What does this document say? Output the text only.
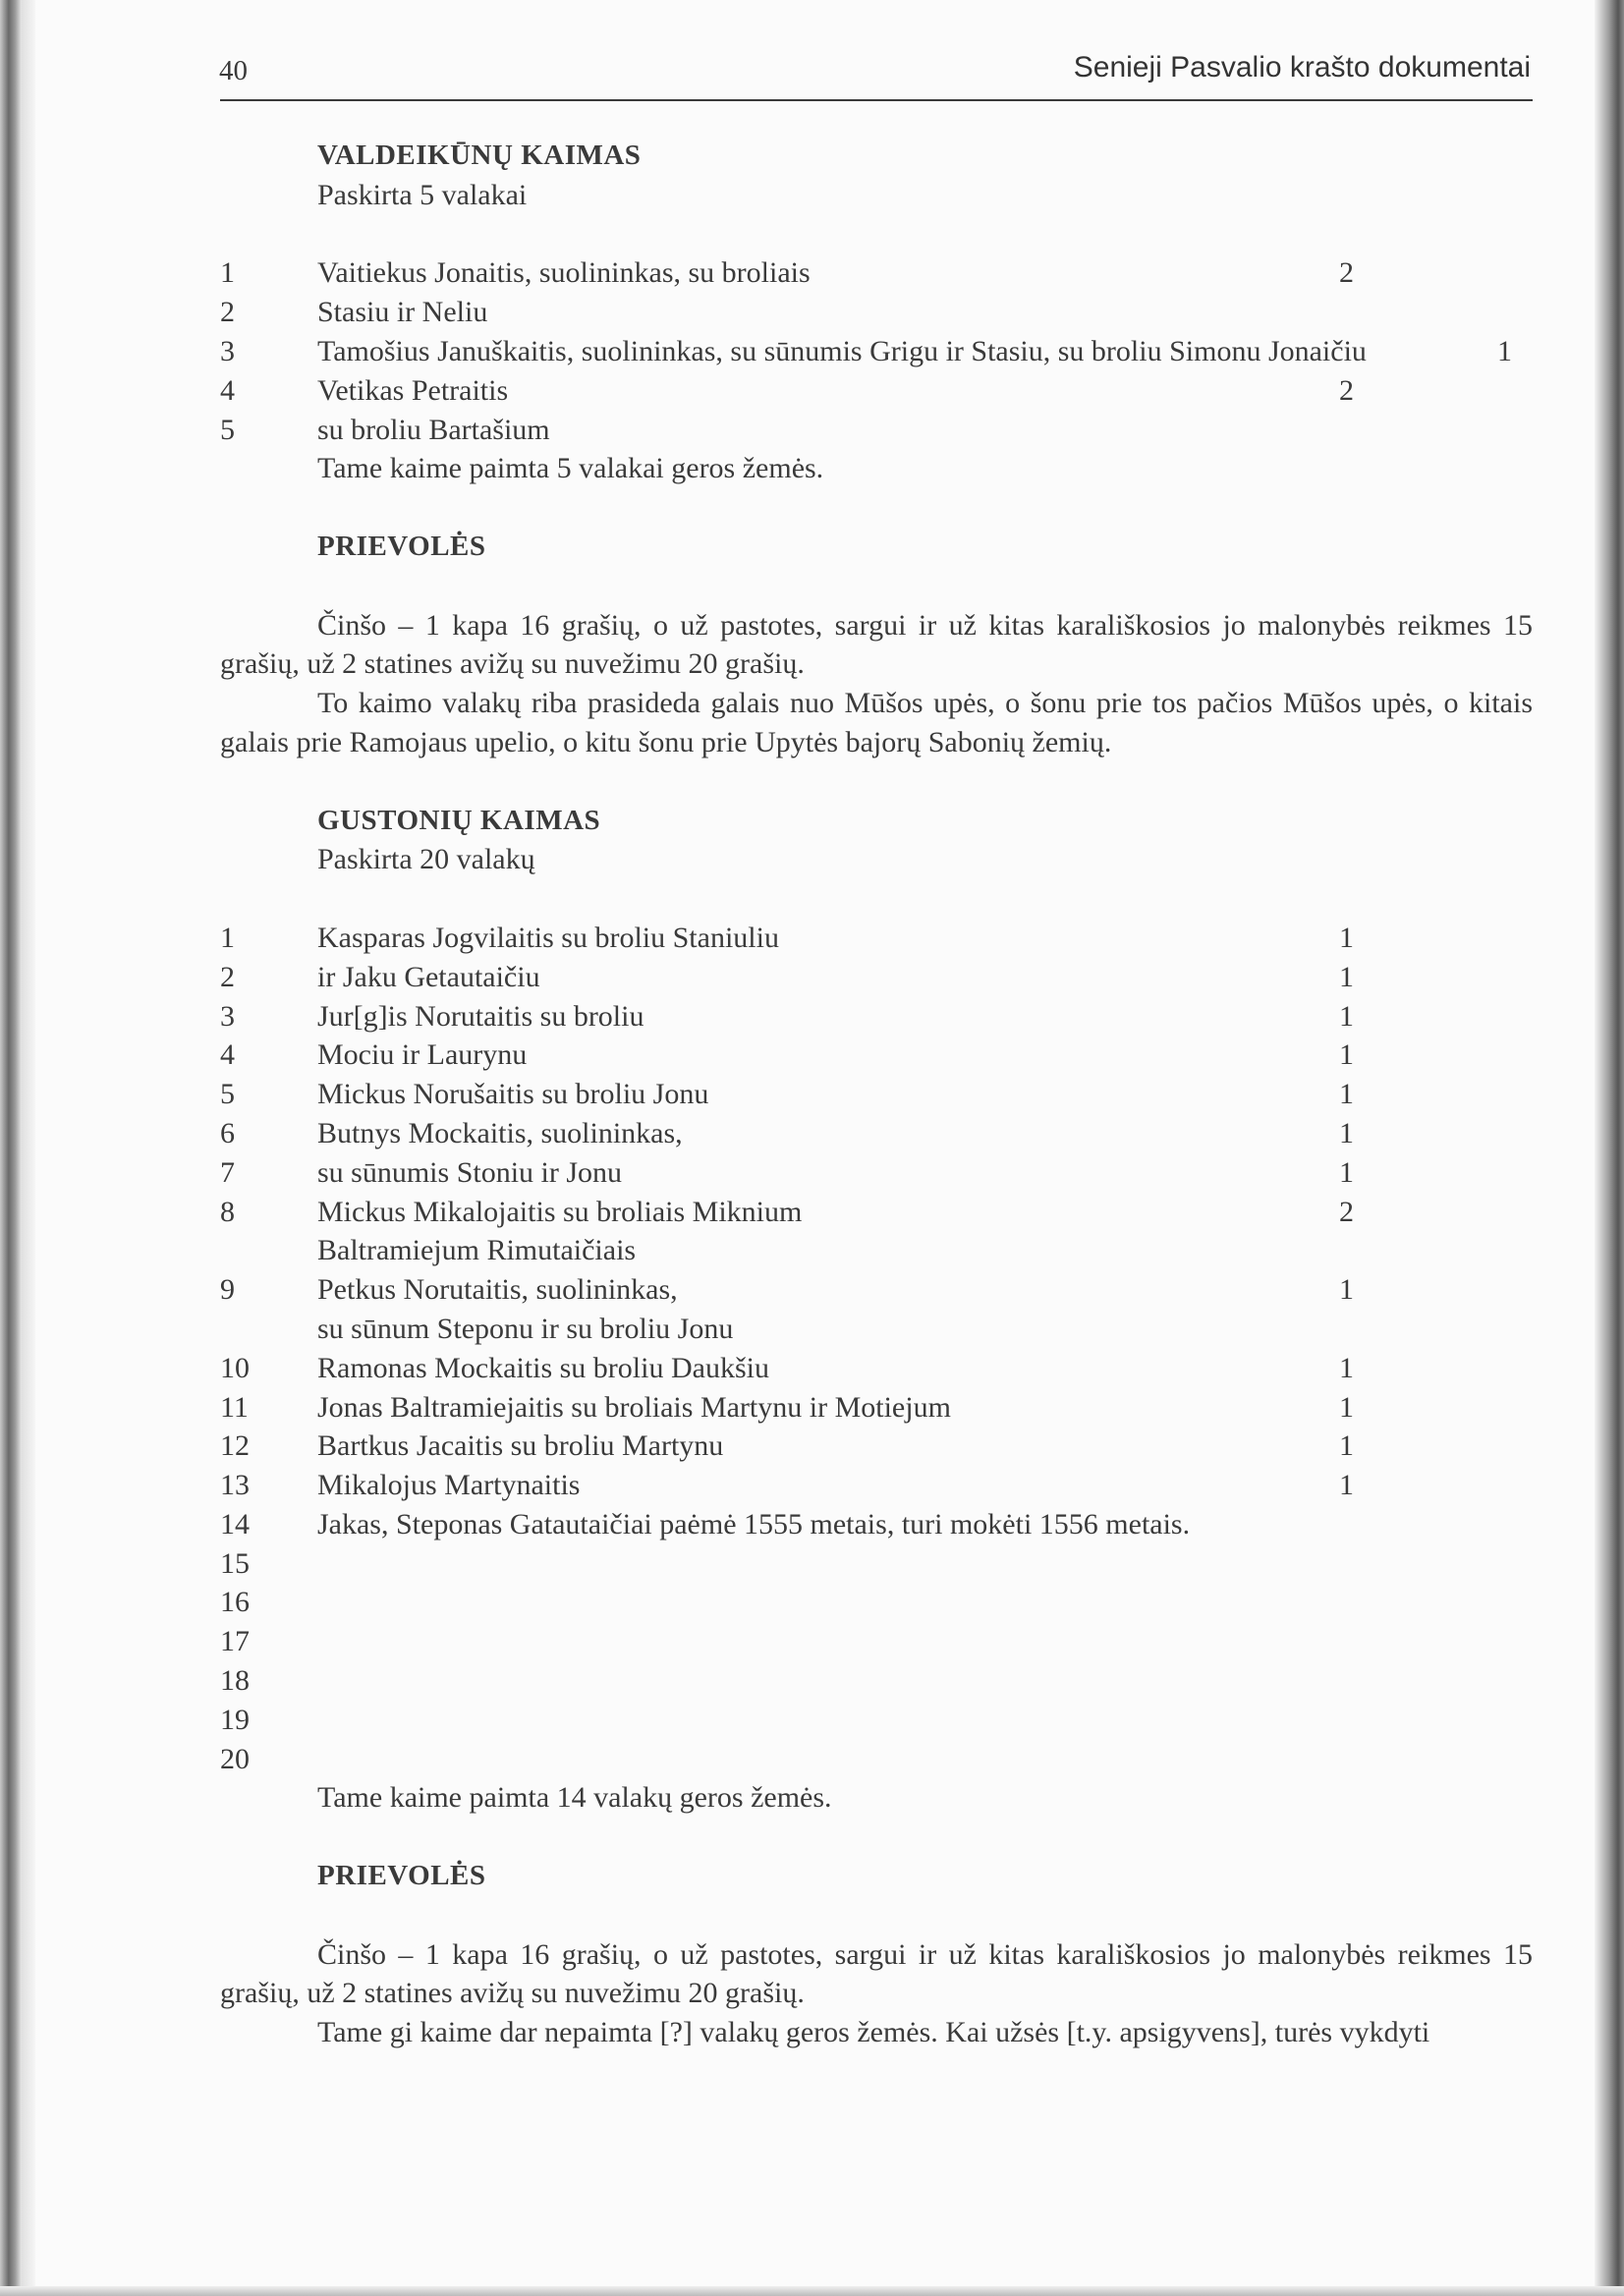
40	Senieji Pasvalio krašto dokumentai
VALDEIKŪNŲ KAIMAS
Paskirta 5 valakai
1	Vaitiekus Jonaitis, suolininkas, su broliais	2
2	Stasiu ir Neliu
3	Tamošius Januškaitis, suolininkas, su sūnumis Grigu ir Stasiu, su broliu Simonu Jonaičiu	1
4	Vetikas Petraitis	2
5	su broliu Bartašium
Tame kaime paimta 5 valakai geros žemės.
PRIEVOLĖS

Činšo – 1 kapa 16 grašių, o už pastotes, sargui ir už kitas karališkosios jo malonybės reikmes 15 grašių, už 2 statines avižų su nuvežimu 20 grašių.

To kaimo valakų riba prasideda galais nuo Mūšos upės, o šonu prie tos pačios Mūšos upės, o kitais galais prie Ramojaus upelio, o kitu šonu prie Upytės bajorų Sabonių žemių.

GUSTONIŲ KAIMAS
Paskirta 20 valakų
1	Kasparas Jogvilaitis su broliu Staniuliu	1
2	ir Jaku Getautaičiu	1
3	Jur[g]is Norutaitis su broliu	1
4	Mociu ir Laurynu	1
5	Mickus Norušaitis su broliu Jonu	1
6	Butnys Mockaitis, suolininkas,	1
7	su sūnumis Stoniu ir Jonu	1
8	Mickus Mikalojaitis su broliais Miknium	2
Baltramiejum Rimutaičiais
9	Petkus Norutaitis, suolininkas,	1
su sūnum Steponu ir su broliu Jonu
10 Ramonas Mockaitis su broliu Daukšiu	1
11 Jonas Baltramiejaitis su broliais Martynu ir Motiejum	1
12 Bartkus Jacaitis su broliu Martynu	1
13 Mikalojus Martynaitis	1
14 Jakas, Steponas Gatautaičiai paėmė 1555 metais, turi mokėti 1556 metais.
15
16
17
18
19
20
Tame kaime paimta 14 valakų geros žemės.
PRIEVOLĖS

Činšo – 1 kapa 16 grašių, o už pastotes, sargui ir už kitas karališkosios jo malonybės reikmes 15 grašių, už 2 statines avižų su nuvežimu 20 grašių.

Tame gi kaime dar nepaimta [?] valakų geros žemės. Kai užsės [t.y. apsigyvens], turės vykdyti
